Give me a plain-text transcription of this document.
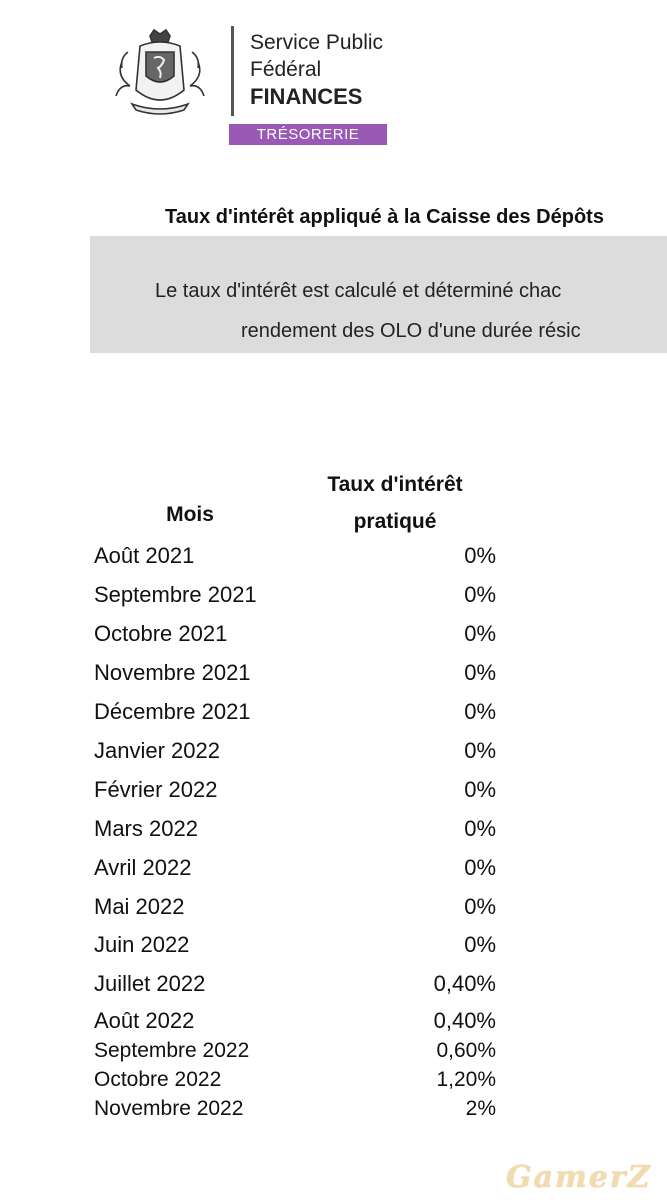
Service Public
Fédéral
FINANCES
TRÉSORERIE
Taux d'intérêt appliqué à la Caisse des Dépôts
Le taux d'intérêt est calculé et déterminé chac
rendement des OLO d'une durée résic
Mois
Taux d'intérêt
pratiqué
Août 2021	0%
Septembre 2021	0%
Octobre 2021	0%
Novembre 2021	0%
Décembre 2021	0%
Janvier 2022	0%
Février 2022	0%
Mars 2022	0%
Avril 2022	0%
Mai 2022	0%
Juin 2022	0%
Juillet 2022	0,40%
Août 2022	0,40%
Septembre 2022	0,60%
Octobre 2022	1,20%
Novembre 2022	2%
GamerZ
